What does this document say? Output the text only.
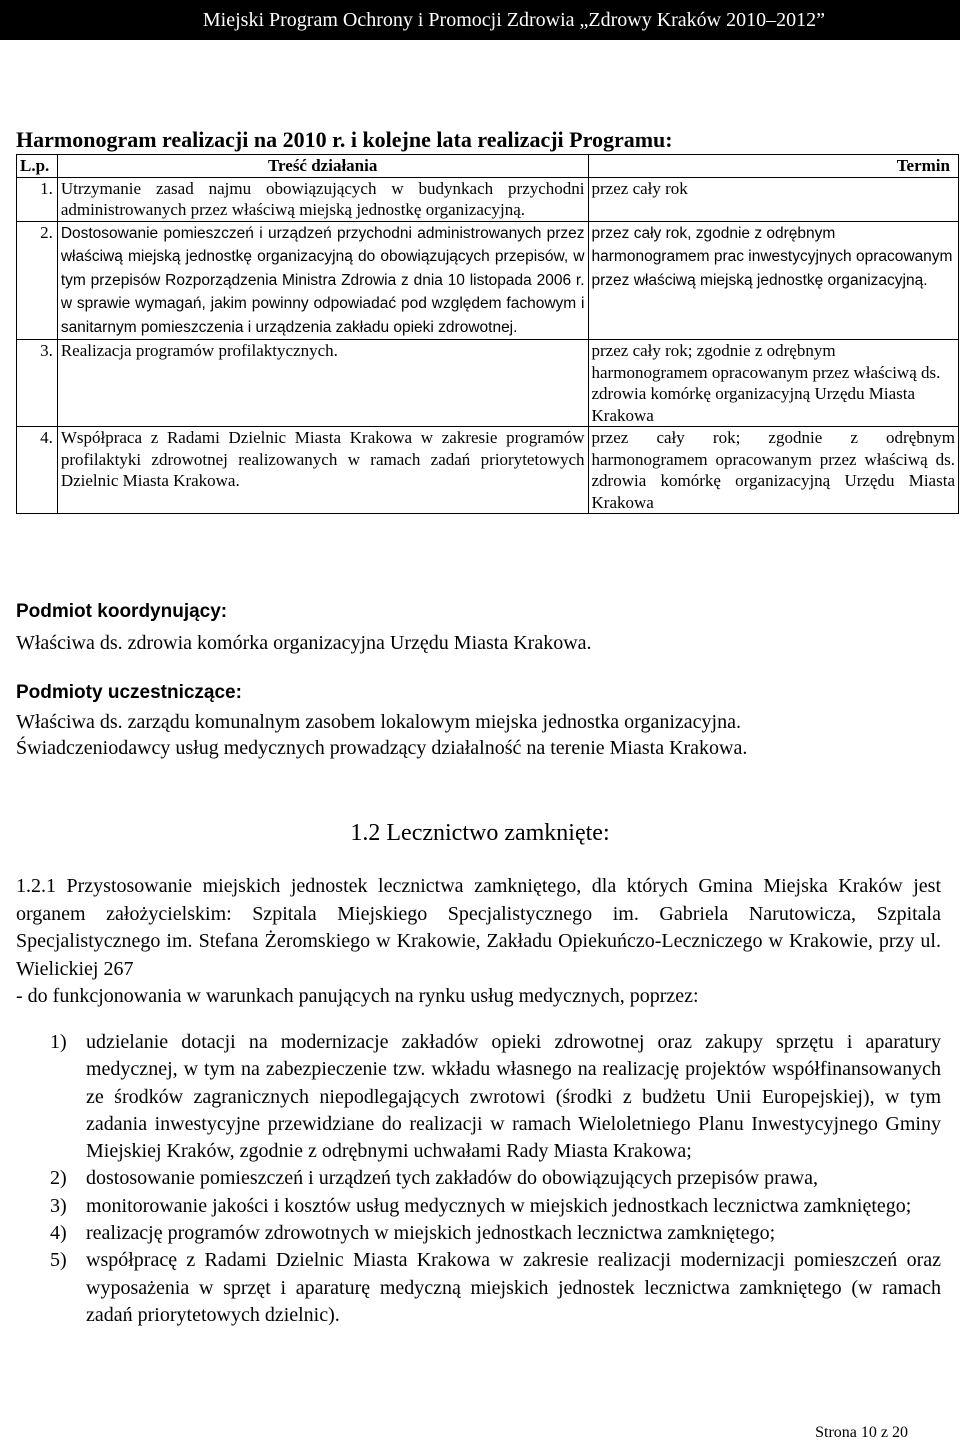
Miejski Program Ochrony i Promocji Zdrowia „Zdrowy Kraków 2010–2012”
Harmonogram realizacji na 2010 r. i kolejne lata realizacji Programu:
L.p.	Treść działania	Termin
1.	Utrzymanie zasad najmu obowiązujących w budynkach przychodni administrowanych przez właściwą miejską jednostkę organizacyjną.	przez cały rok
2.	Dostosowanie pomieszczeń i urządzeń przychodni administrowanych przez właściwą miejską jednostkę organizacyjną do obowiązujących przepisów, w tym przepisów Rozporządzenia Ministra Zdrowia z dnia 10 listopada 2006 r. w sprawie wymagań, jakim powinny odpowiadać pod względem fachowym i sanitarnym pomieszczenia i urządzenia zakładu opieki zdrowotnej.	przez cały rok, zgodnie z odrębnym harmonogramem prac inwestycyjnych opracowanym przez właściwą miejską jednostkę organizacyjną.
3.	Realizacja programów profilaktycznych.	przez cały rok; zgodnie z odrębnym harmonogramem opracowanym przez właściwą ds. zdrowia komórkę organizacyjną Urzędu Miasta Krakowa
4.	Współpraca z Radami Dzielnic Miasta Krakowa w zakresie programów profilaktyki zdrowotnej realizowanych w ramach zadań priorytetowych Dzielnic Miasta Krakowa.	przez cały rok; zgodnie z odrębnym harmonogramem opracowanym przez właściwą ds. zdrowia komórkę organizacyjną Urzędu Miasta Krakowa
Podmiot koordynujący:
Właściwa ds. zdrowia komórka organizacyjna Urzędu Miasta Krakowa.
Podmioty uczestniczące:
Właściwa ds. zarządu komunalnym zasobem lokalowym miejska jednostka organizacyjna.
Świadczeniodawcy usług medycznych prowadzący działalność na terenie Miasta Krakowa.
1.2 Lecznictwo zamknięte:
1.2.1 Przystosowanie miejskich jednostek lecznictwa zamkniętego, dla których Gmina Miejska Kraków jest organem założycielskim: Szpitala Miejskiego Specjalistycznego im. Gabriela Narutowicza, Szpitala Specjalistycznego im. Stefana Żeromskiego w Krakowie, Zakładu Opiekuńczo-Leczniczego w Krakowie, przy ul. Wielickiej 267
- do funkcjonowania w warunkach panujących na rynku usług medycznych, poprzez:
1) udzielanie dotacji na modernizacje zakładów opieki zdrowotnej oraz zakupy sprzętu i aparatury medycznej, w tym na zabezpieczenie tzw. wkładu własnego na realizację projektów współfinansowanych ze środków zagranicznych niepodlegających zwrotowi (środki z budżetu Unii Europejskiej), w tym zadania inwestycyjne przewidziane do realizacji w ramach Wieloletniego Planu Inwestycyjnego Gminy Miejskiej Kraków, zgodnie z odrębnymi uchwałami Rady Miasta Krakowa;
2) dostosowanie pomieszczeń i urządzeń tych zakładów do obowiązujących przepisów prawa,
3) monitorowanie jakości i kosztów usług medycznych w miejskich jednostkach lecznictwa zamkniętego;
4) realizację programów zdrowotnych w miejskich jednostkach lecznictwa zamkniętego;
5) współpracę z Radami Dzielnic Miasta Krakowa w zakresie realizacji modernizacji pomieszczeń oraz wyposażenia w sprzęt i aparaturę medyczną miejskich jednostek lecznictwa zamkniętego (w ramach zadań priorytetowych dzielnic).
Strona 10 z 20
